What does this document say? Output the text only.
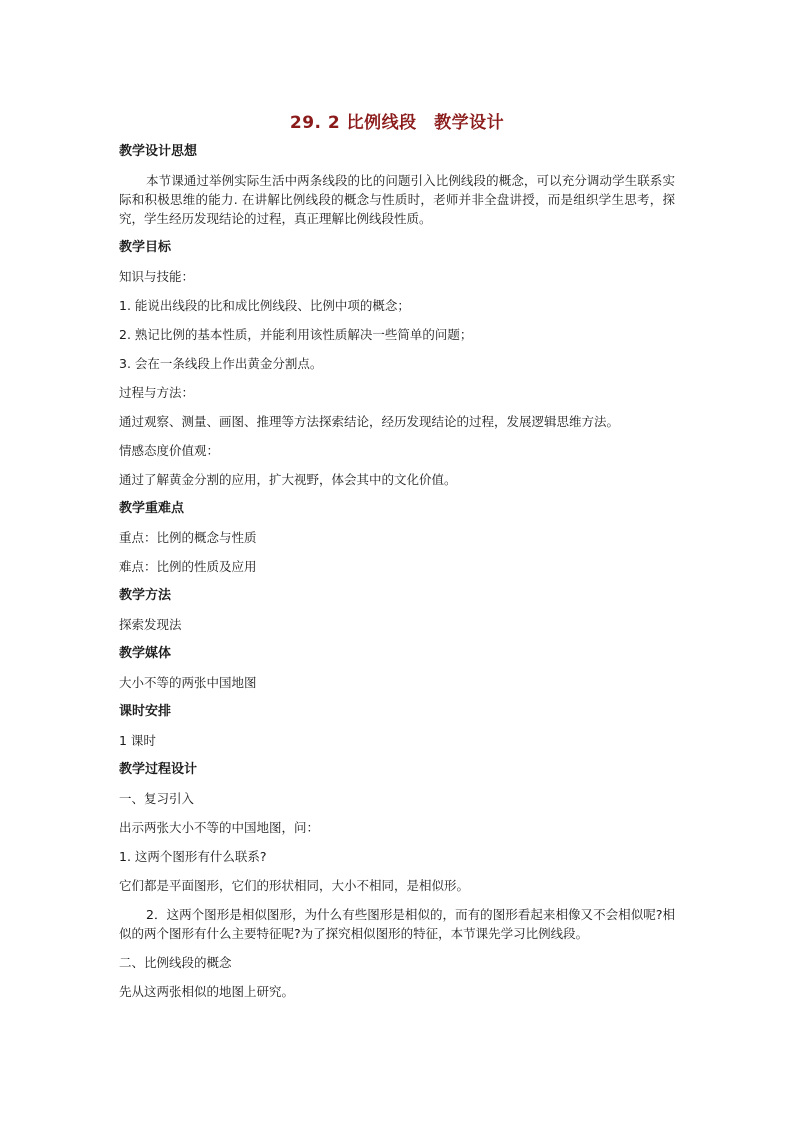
29. 2 比例线段　教学设计

教学设计思想

本节课通过举例实际生活中两条线段的比的问题引入比例线段的概念，可以充分调动学生联系实际和积极思维的能力. 在讲解比例线段的概念与性质时，老师并非全盘讲授，而是组织学生思考，探究，学生经历发现结论的过程，真正理解比例线段性质。

教学目标

知识与技能：

1. 能说出线段的比和成比例线段、比例中项的概念；

2. 熟记比例的基本性质，并能利用该性质解决一些简单的问题；

3. 会在一条线段上作出黄金分割点。

过程与方法：

通过观察、测量、画图、推理等方法探索结论，经历发现结论的过程，发展逻辑思维方法。

情感态度价值观：

通过了解黄金分割的应用，扩大视野，体会其中的文化价值。

教学重难点

重点：比例的概念与性质

难点：比例的性质及应用

教学方法

探索发现法

教学媒体

大小不等的两张中国地图

课时安排

1 课时

教学过程设计

一、复习引入

出示两张大小不等的中国地图，问：

1. 这两个图形有什么联系?

它们都是平面图形，它们的形状相同，大小不相同，是相似形。

2．这两个图形是相似图形，为什么有些图形是相似的，而有的图形看起来相像又不会相似呢?相似的两个图形有什么主要特征呢?为了探究相似图形的特征，本节课先学习比例线段。

二、比例线段的概念

先从这两张相似的地图上研究。
